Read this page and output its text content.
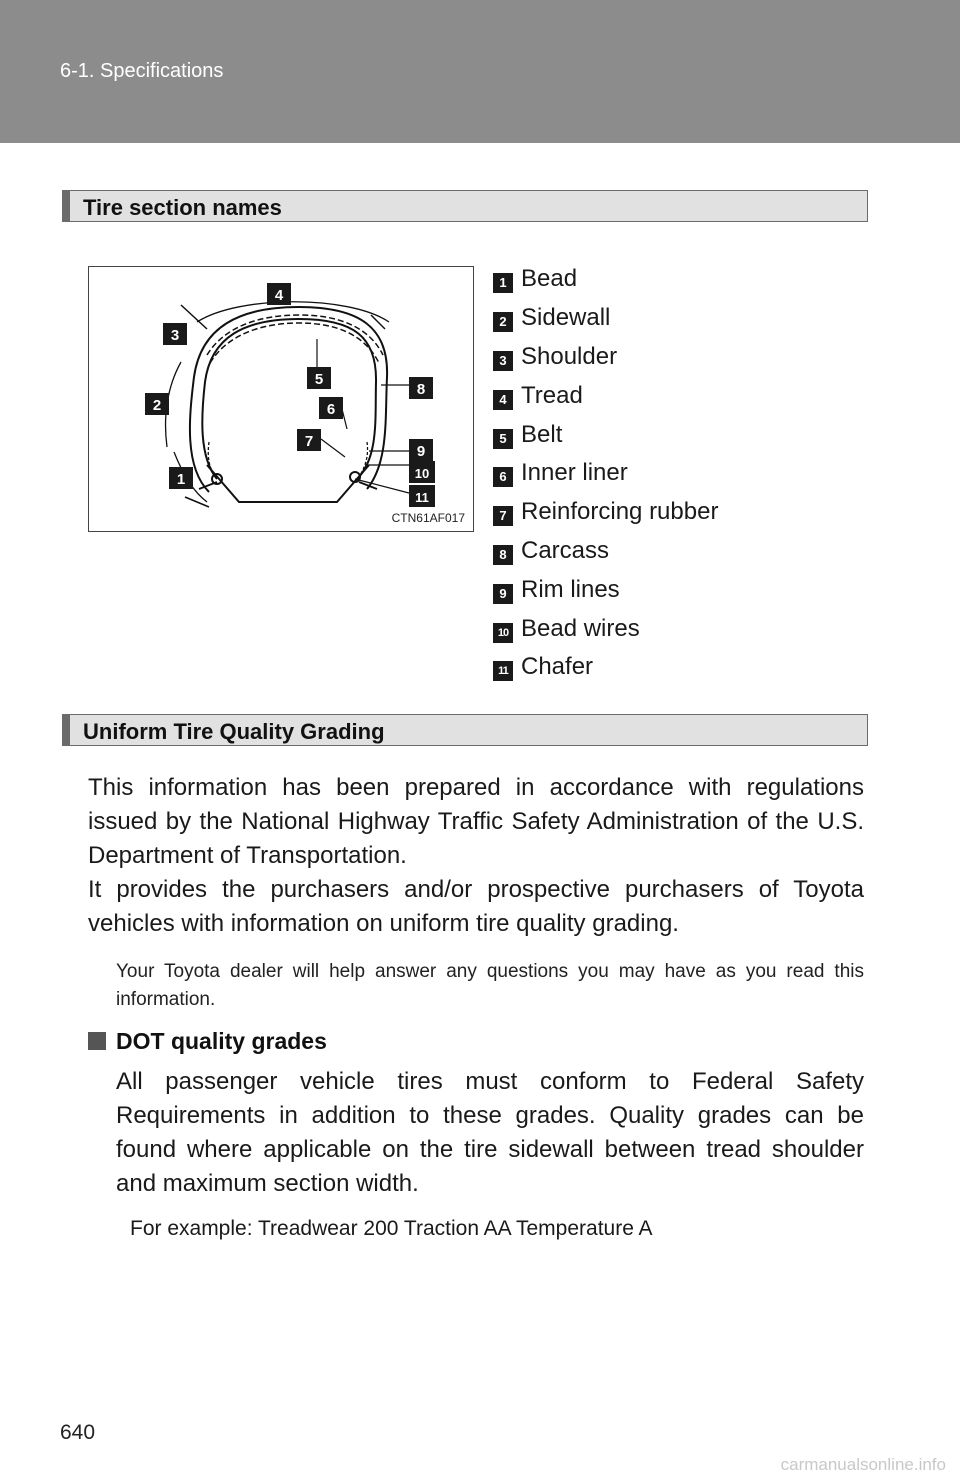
6-1. Specifications
Tire section names
4
3
5
8
2	6
7
9
10
1
11
CTN61AF017
1 Bead
2 Sidewall
3 Shoulder
4 Tread
5 Belt
6 Inner liner
7 Reinforcing rubber
8 Carcass
9 Rim lines
10 Bead wires
11 Chafer
Uniform Tire Quality Grading
This information has been prepared in accordance with regulations issued by the National Highway Traffic Safety Administration of the U.S. Department of Transportation.
It provides the purchasers and/or prospective purchasers of Toyota vehicles with information on uniform tire quality grading.
Your Toyota dealer will help answer any questions you may have as you read this information.
DOT quality grades
All passenger vehicle tires must conform to Federal Safety Requirements in addition to these grades. Quality grades can be found where applicable on the tire sidewall between tread shoulder and maximum section width.
For example: Treadwear 200 Traction AA Temperature A
640
carmanualsonline.info
